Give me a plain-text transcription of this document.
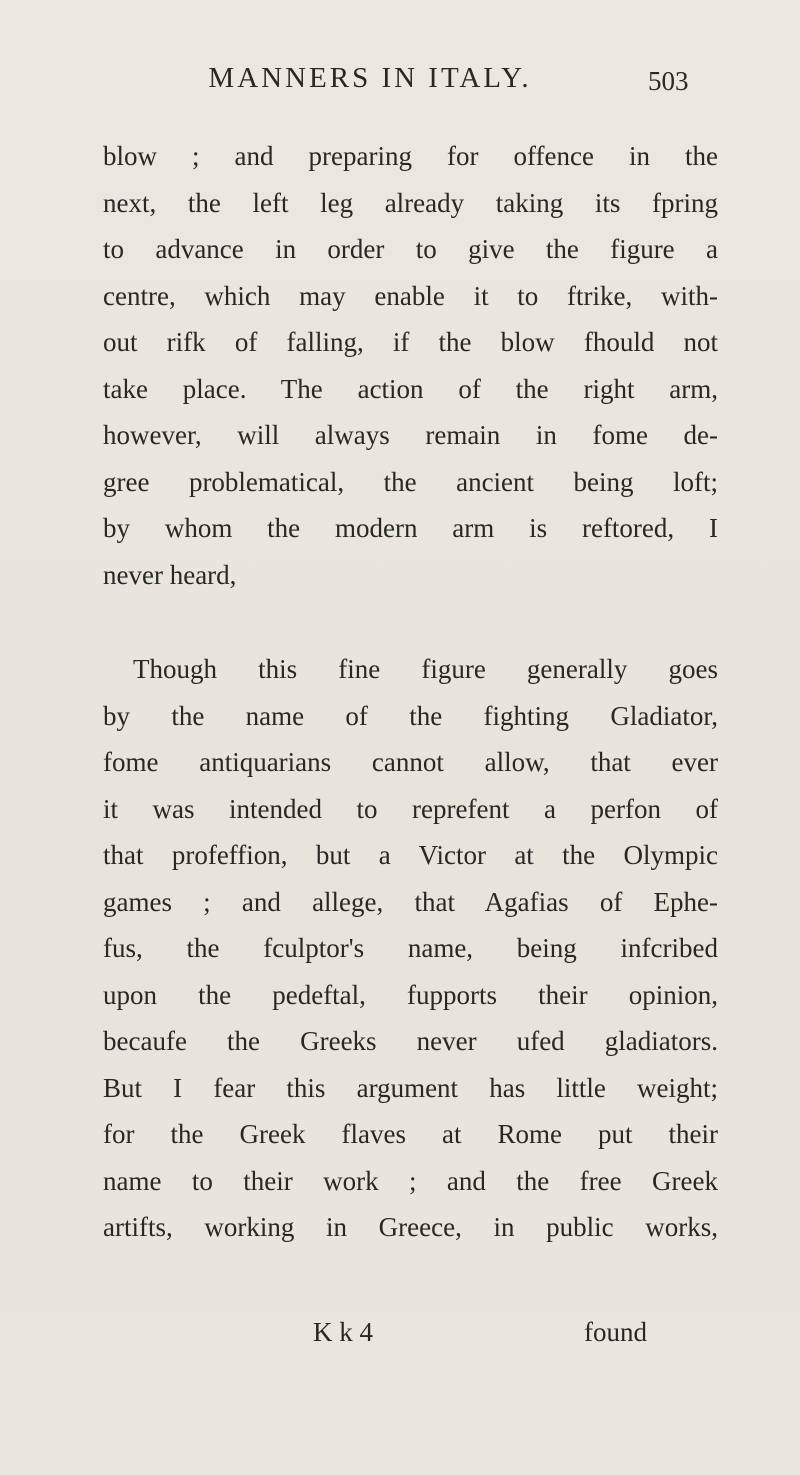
MANNERS IN ITALY.	503
blow ; and preparing for offence in the
next, the left leg already taking its fpring
to advance in order to give the figure a
centre, which may enable it to ftrike, with-
out rifk of falling, if the blow fhould not
take place. The action of the right arm,
however, will always remain in fome de-
gree problematical, the ancient being loft;
by whom the modern arm is reftored, I
never heard,
Though this fine figure generally goes
by the name of the fighting Gladiator,
fome antiquarians cannot allow, that ever
it was intended to reprefent a perfon of
that profeffion, but a Victor at the Olympic
games ; and allege, that Agafias of Ephe-
fus, the fculptor's name, being infcribed
upon the pedeftal, fupports their opinion,
becaufe the Greeks never ufed gladiators.
But I fear this argument has little weight;
for the Greek flaves at Rome put their
name to their work ; and the free Greek
artifts, working in Greece, in public works,
K k 4	found
